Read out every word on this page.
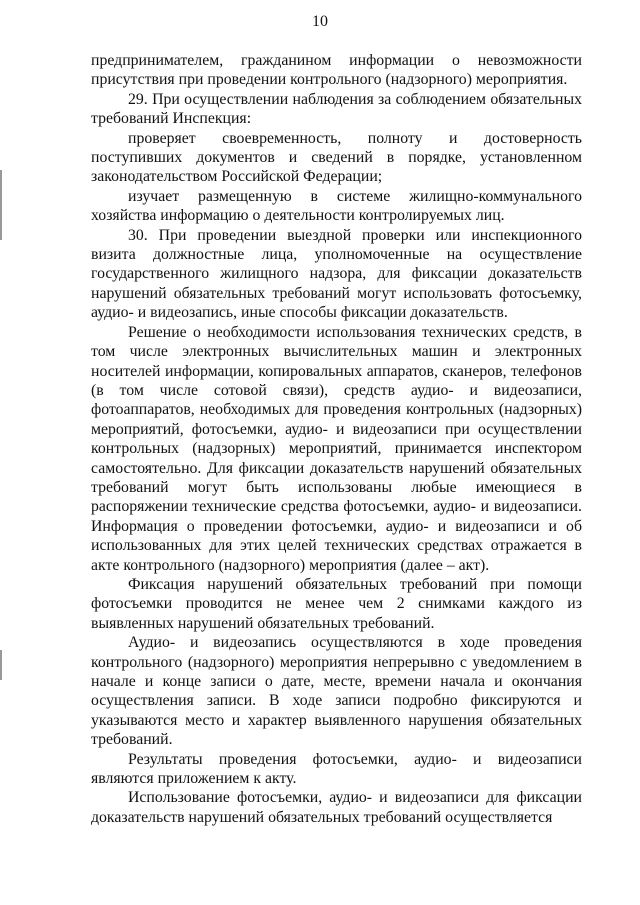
10

предпринимателем, гражданином информации о невозможности присутствия при проведении контрольного (надзорного) мероприятия.

29. При осуществлении наблюдения за соблюдением обязательных требований Инспекция:

проверяет своевременность, полноту и достоверность поступивших документов и сведений в порядке, установленном законодательством Российской Федерации;

изучает размещенную в системе жилищно-коммунального хозяйства информацию о деятельности контролируемых лиц.

30. При проведении выездной проверки или инспекционного визита должностные лица, уполномоченные на осуществление государственного жилищного надзора, для фиксации доказательств нарушений обязательных требований могут использовать фотосъемку, аудио- и видеозапись, иные способы фиксации доказательств.

Решение о необходимости использования технических средств, в том числе электронных вычислительных машин и электронных носителей информации, копировальных аппаратов, сканеров, телефонов (в том числе сотовой связи), средств аудио- и видеозаписи, фотоаппаратов, необходимых для проведения контрольных (надзорных) мероприятий, фотосъемки, аудио- и видеозаписи при осуществлении контрольных (надзорных) мероприятий, принимается инспектором самостоятельно. Для фиксации доказательств нарушений обязательных требований могут быть использованы любые имеющиеся в распоряжении технические средства фотосъемки, аудио- и видеозаписи. Информация о проведении фотосъемки, аудио- и видеозаписи и об использованных для этих целей технических средствах отражается в акте контрольного (надзорного) мероприятия (далее – акт).

Фиксация нарушений обязательных требований при помощи фотосъемки проводится не менее чем 2 снимками каждого из выявленных нарушений обязательных требований.

Аудио- и видеозапись осуществляются в ходе проведения контрольного (надзорного) мероприятия непрерывно с уведомлением в начале и конце записи о дате, месте, времени начала и окончания осуществления записи. В ходе записи подробно фиксируются и указываются место и характер выявленного нарушения обязательных требований.

Результаты проведения фотосъемки, аудио- и видеозаписи являются приложением к акту.

Использование фотосъемки, аудио- и видеозаписи для фиксации доказательств нарушений обязательных требований осуществляется
